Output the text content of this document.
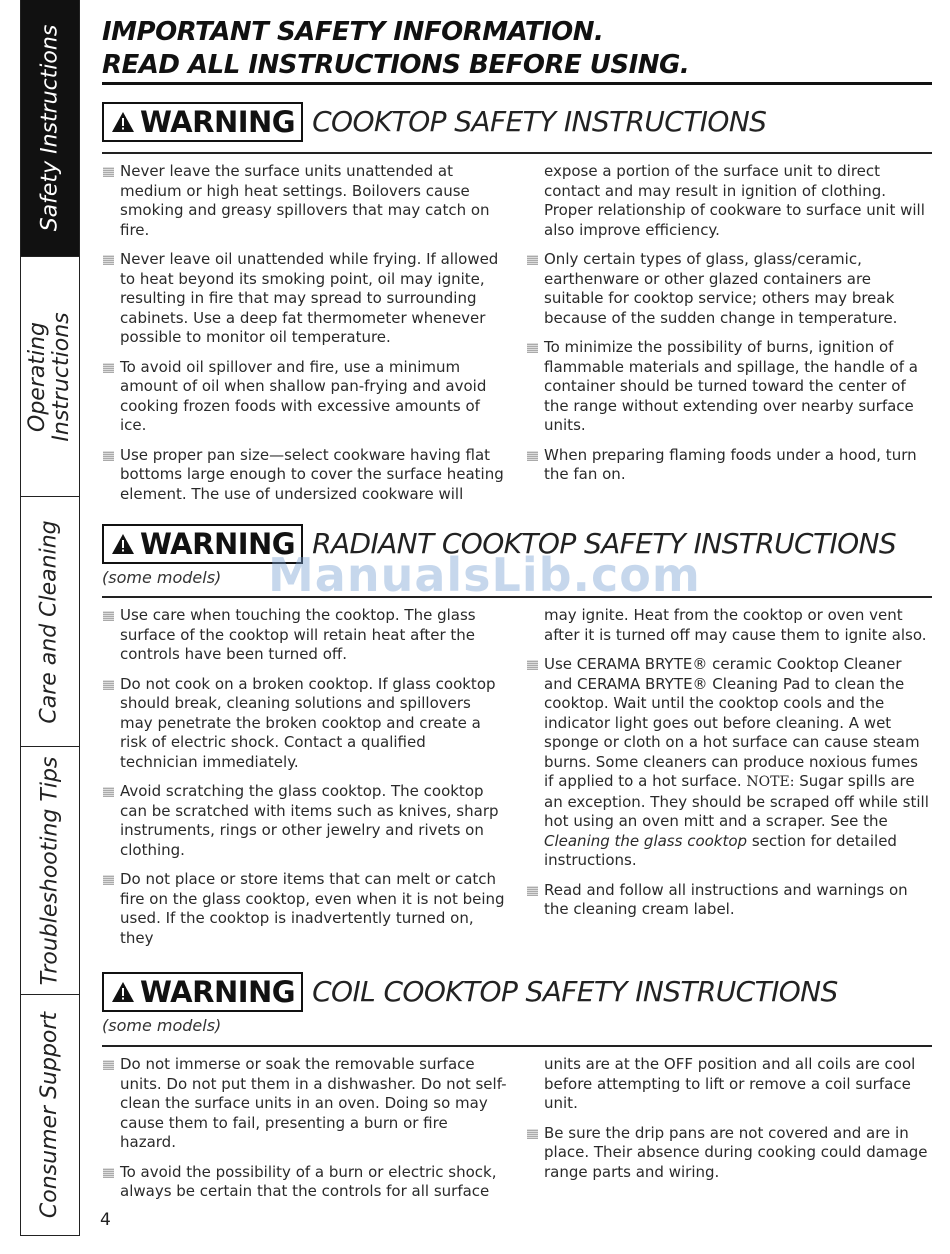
Safety Instructions
Operating Instructions
Care and Cleaning
Troubleshooting Tips
Consumer Support
IMPORTANT SAFETY INFORMATION.
READ ALL INSTRUCTIONS BEFORE USING.
WARNING COOKTOP SAFETY INSTRUCTIONS
Never leave the surface units unattended at medium or high heat settings. Boilovers cause smoking and greasy spillovers that may catch on fire.
Never leave oil unattended while frying. If allowed to heat beyond its smoking point, oil may ignite, resulting in fire that may spread to surrounding cabinets. Use a deep fat thermometer whenever possible to monitor oil temperature.
To avoid oil spillover and fire, use a minimum amount of oil when shallow pan-frying and avoid cooking frozen foods with excessive amounts of ice.
Use proper pan size—select cookware having flat bottoms large enough to cover the surface heating element. The use of undersized cookware will
expose a portion of the surface unit to direct contact and may result in ignition of clothing. Proper relationship of cookware to surface unit will also improve efficiency.
Only certain types of glass, glass/ceramic, earthenware or other glazed containers are suitable for cooktop service; others may break because of the sudden change in temperature.
To minimize the possibility of burns, ignition of flammable materials and spillage, the handle of a container should be turned toward the center of the range without extending over nearby surface units.
When preparing flaming foods under a hood, turn the fan on.
WARNING RADIANT COOKTOP SAFETY INSTRUCTIONS
(some models)
Use care when touching the cooktop. The glass surface of the cooktop will retain heat after the controls have been turned off.
Do not cook on a broken cooktop. If glass cooktop should break, cleaning solutions and spillovers may penetrate the broken cooktop and create a risk of electric shock. Contact a qualified technician immediately.
Avoid scratching the glass cooktop. The cooktop can be scratched with items such as knives, sharp instruments, rings or other jewelry and rivets on clothing.
Do not place or store items that can melt or catch fire on the glass cooktop, even when it is not being used. If the cooktop is inadvertently turned on, they
may ignite. Heat from the cooktop or oven vent after it is turned off may cause them to ignite also.
Use CERAMA BRYTE® ceramic Cooktop Cleaner and CERAMA BRYTE® Cleaning Pad to clean the cooktop. Wait until the cooktop cools and the indicator light goes out before cleaning. A wet sponge or cloth on a hot surface can cause steam burns. Some cleaners can produce noxious fumes if applied to a hot surface. NOTE: Sugar spills are an exception. They should be scraped off while still hot using an oven mitt and a scraper. See the Cleaning the glass cooktop section for detailed instructions.
Read and follow all instructions and warnings on the cleaning cream label.
ManualsLib.com
WARNING COIL COOKTOP SAFETY INSTRUCTIONS
(some models)
Do not immerse or soak the removable surface units. Do not put them in a dishwasher. Do not self-clean the surface units in an oven. Doing so may cause them to fail, presenting a burn or fire hazard.
To avoid the possibility of a burn or electric shock, always be certain that the controls for all surface
units are at the OFF position and all coils are cool before attempting to lift or remove a coil surface unit.
Be sure the drip pans are not covered and are in place. Their absence during cooking could damage range parts and wiring.
4
